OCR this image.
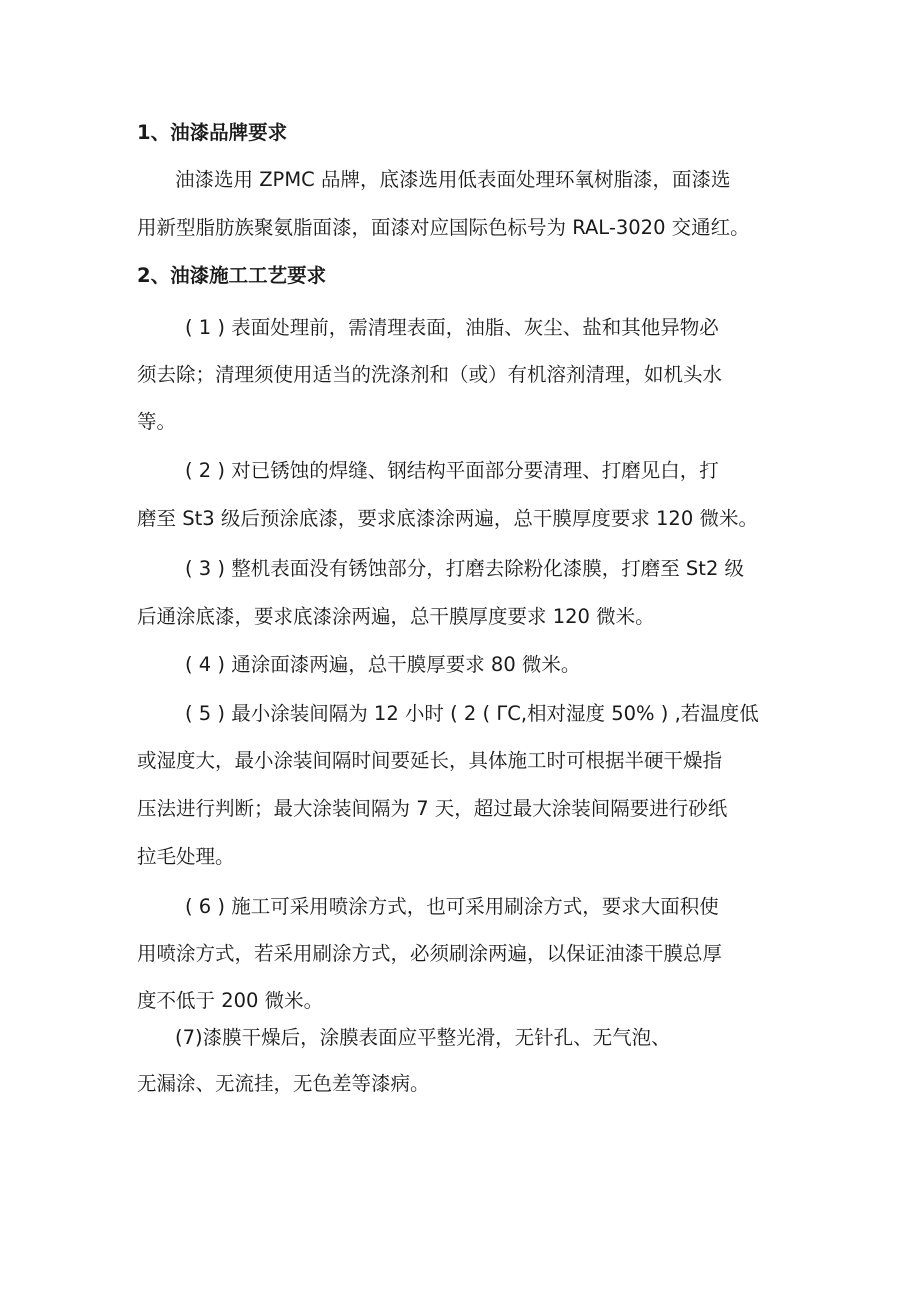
1、油漆品牌要求
油漆选用 ZPMC 品牌，底漆选用低表面处理环氧树脂漆，面漆选
用新型脂肪族聚氨脂面漆，面漆对应国际色标号为 RAL-3020 交通红。
2、油漆施工工艺要求
( 1 ) 表面处理前，需清理表面，油脂、灰尘、盐和其他异物必
须去除；清理须使用适当的洗涤剂和（或）有机溶剂清理，如机头水
等。
( 2 ) 对已锈蚀的焊缝、钢结构平面部分要清理、打磨见白，打
磨至 St3 级后预涂底漆，要求底漆涂两遍，总干膜厚度要求 120 微米。
( 3 ) 整机表面没有锈蚀部分，打磨去除粉化漆膜，打磨至 St2 级
后通涂底漆，要求底漆涂两遍，总干膜厚度要求 120 微米。
( 4 ) 通涂面漆两遍，总干膜厚要求 80 微米。
( 5 ) 最小涂装间隔为 12 小时 ( 2 ( ΓC,相对湿度 50% ) ,若温度低
或湿度大，最小涂装间隔时间要延长，具体施工时可根据半硬干燥指
压法进行判断；最大涂装间隔为 7 天，超过最大涂装间隔要进行砂纸
拉毛处理。
( 6 ) 施工可采用喷涂方式，也可采用刷涂方式，要求大面积使
用喷涂方式，若采用刷涂方式，必须刷涂两遍，以保证油漆干膜总厚
度不低于 200 微米。
(7)漆膜干燥后，涂膜表面应平整光滑，无针孔、无气泡、
无漏涂、无流挂，无色差等漆病。
